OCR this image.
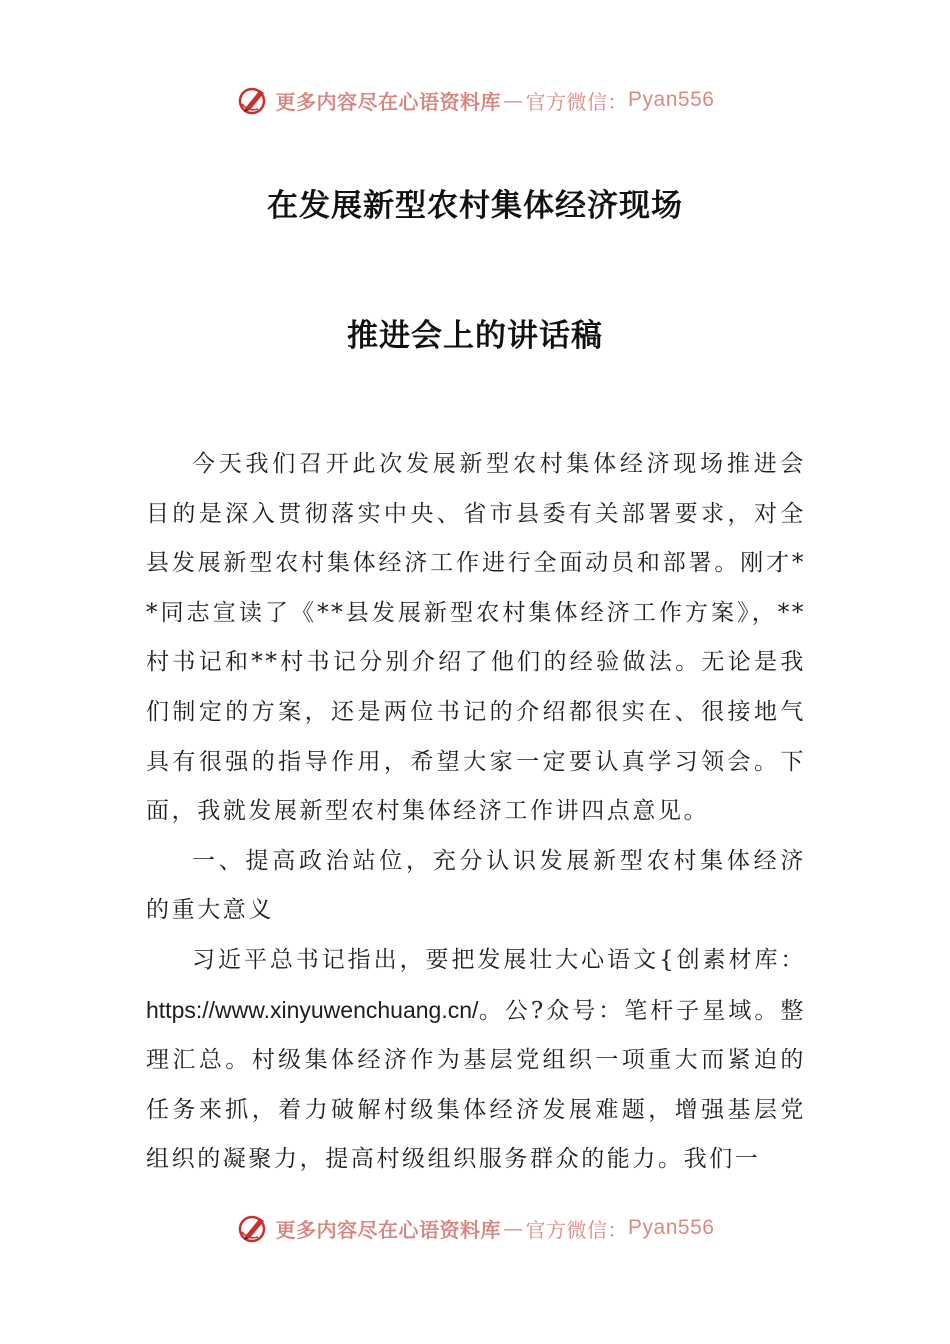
更多内容尽在心语资料库 — 官方微信： Pyan556
在发展新型农村集体经济现场
推进会上的讲话稿

今天我们召开此次发展新型农村集体经济现场推进会目的是深入贯彻落实中央、省市县委有关部署要求，对全县发展新型农村集体经济工作进行全面动员和部署。刚才**同志宣读了《**县发展新型农村集体经济工作方案》，**村书记和**村书记分别介绍了他们的经验做法。无论是我们制定的方案，还是两位书记的介绍都很实在、很接地气具有很强的指导作用，希望大家一定要认真学习领会。下面，我就发展新型农村集体经济工作讲四点意见。

一、提高政治站位，充分认识发展新型农村集体经济的重大意义

习近平总书记指出，要把发展壮大心语文{创素材库：https://www.xinyuwenchuang.cn/。公?众号：笔杆子星域。整理汇总。村级集体经济作为基层党组织一项重大而紧迫的任务来抓，着力破解村级集体经济发展难题，增强基层党组织的凝聚力，提高村级组织服务群众的能力。我们一

更多内容尽在心语资料库 — 官方微信： Pyan556
